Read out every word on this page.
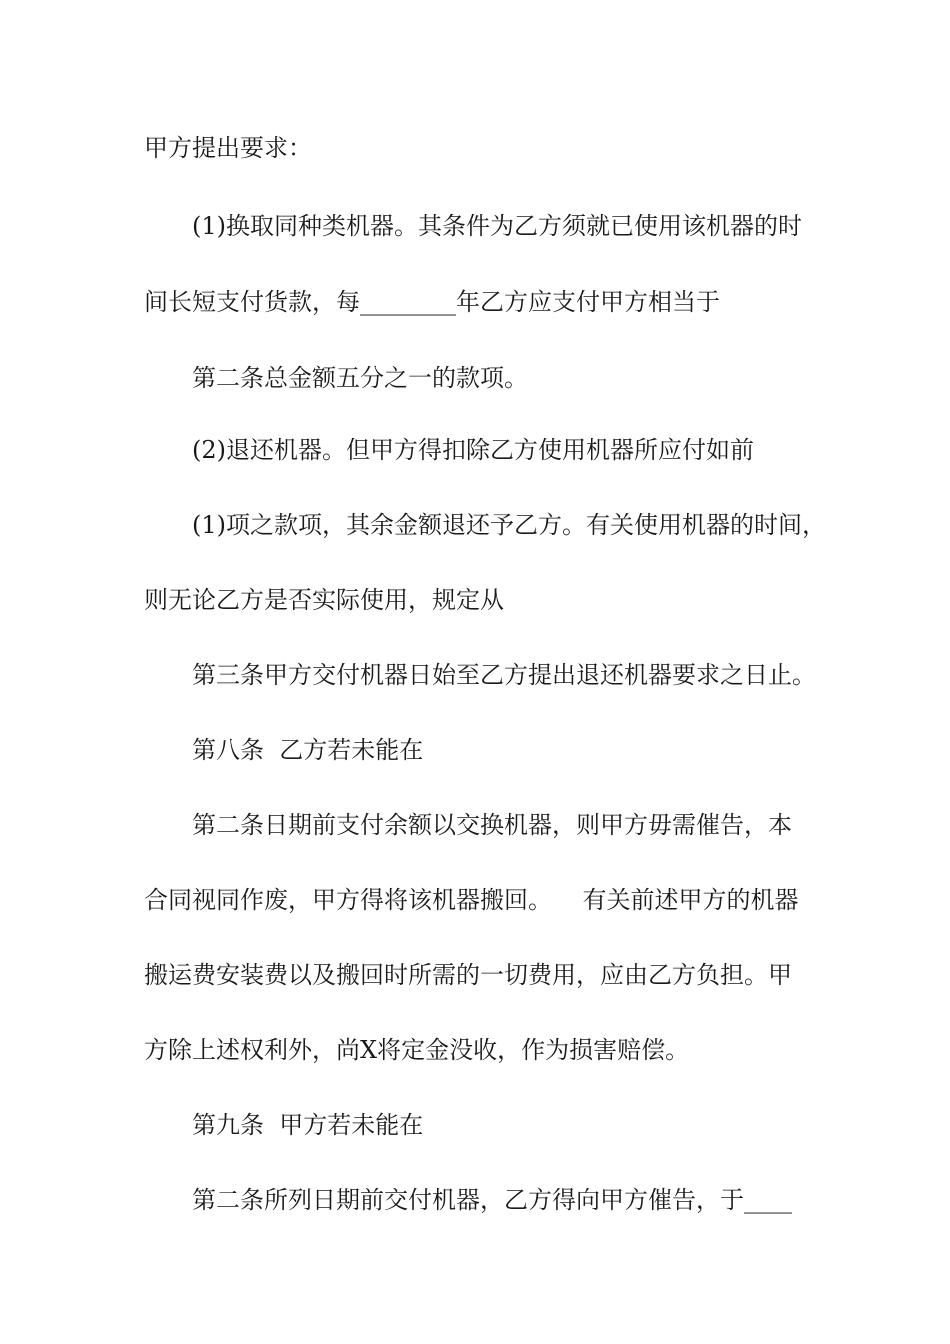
甲方提出要求：
(1)换取同种类机器。其条件为乙方须就已使用该机器的时
间长短支付货款，每________年乙方应支付甲方相当于
第二条总金额五分之一的款项。
(2)退还机器。但甲方得扣除乙方使用机器所应付如前
(1)项之款项，其余金额退还予乙方。有关使用机器的时间，
则无论乙方是否实际使用，规定从
第三条甲方交付机器日始至乙方提出退还机器要求之日止。
第八条  乙方若未能在
第二条日期前支付余额以交换机器，则甲方毋需催告，本
合同视同作废，甲方得将该机器搬回。    有关前述甲方的机器
搬运费安装费以及搬回时所需的一切费用，应由乙方负担。甲
方除上述权利外，尚X将定金没收，作为损害赔偿。
第九条  甲方若未能在
第二条所列日期前交付机器，乙方得向甲方催告，于____
